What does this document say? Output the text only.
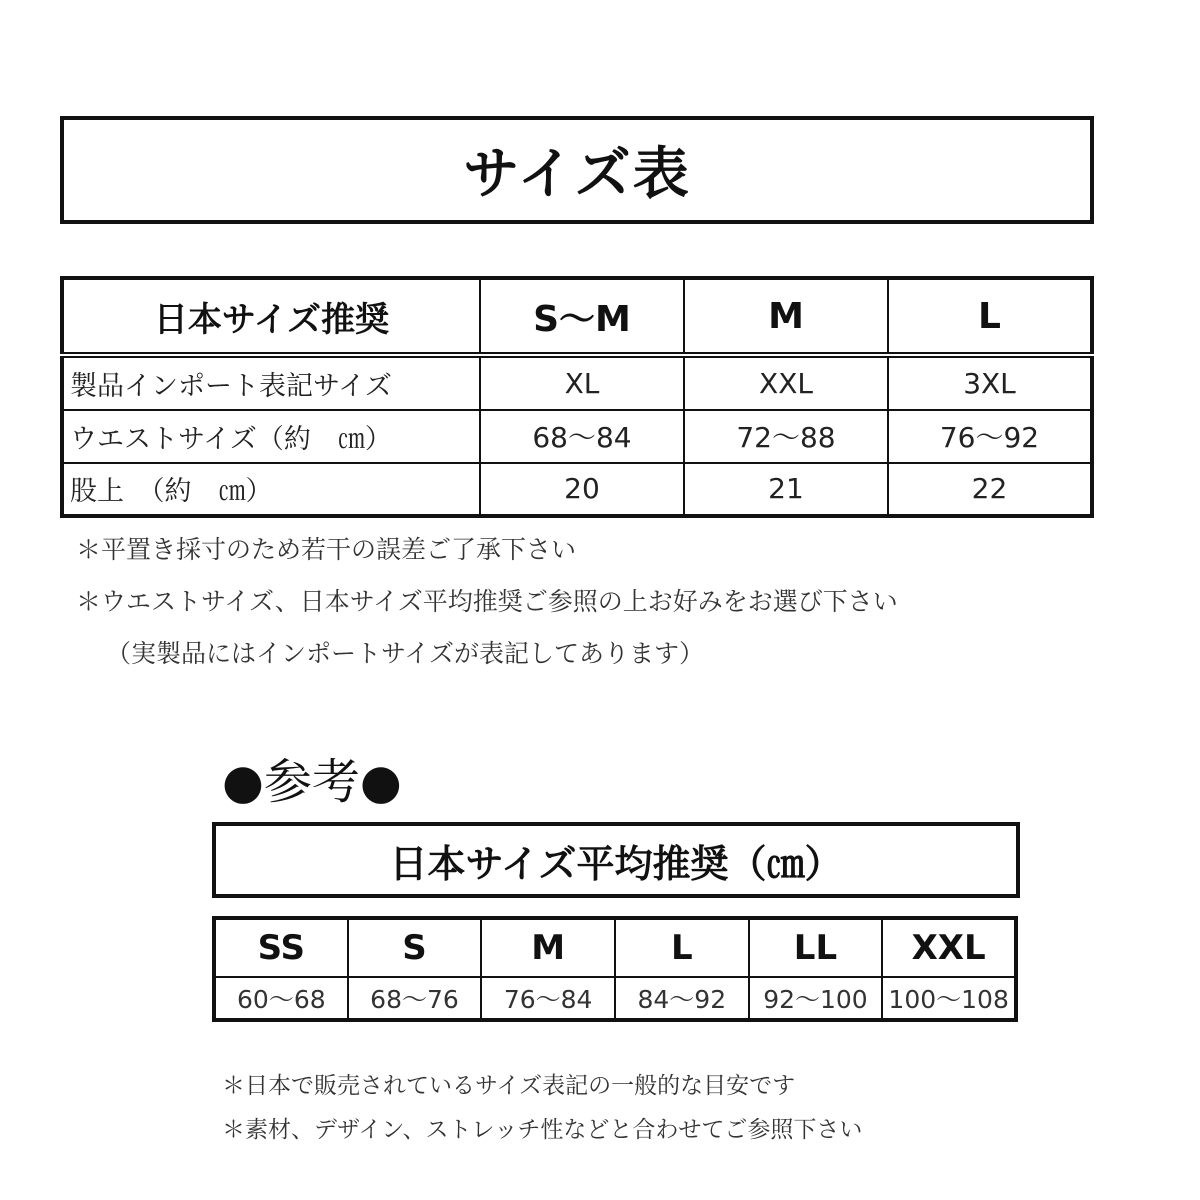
サイズ表
日本サイズ推奨	S～M	M	L
製品インポート表記サイズ	XL	XXL	3XL
ウエストサイズ（約　㎝）	68～84	72～88	76～92
股上　（約　㎝）	20	21	22
＊平置き採寸のため若干の誤差ご了承下さい
＊ウエストサイズ、日本サイズ平均推奨ご参照の上お好みをお選び下さい
（実製品にはインポートサイズが表記してあります）
●参考●
日本サイズ平均推奨（㎝）
SS	S	M	L	LL	XXL
60～68	68～76	76～84	84～92	92～100	100～108
＊日本で販売されているサイズ表記の一般的な目安です
＊素材、デザイン、ストレッチ性などと合わせてご参照下さい
